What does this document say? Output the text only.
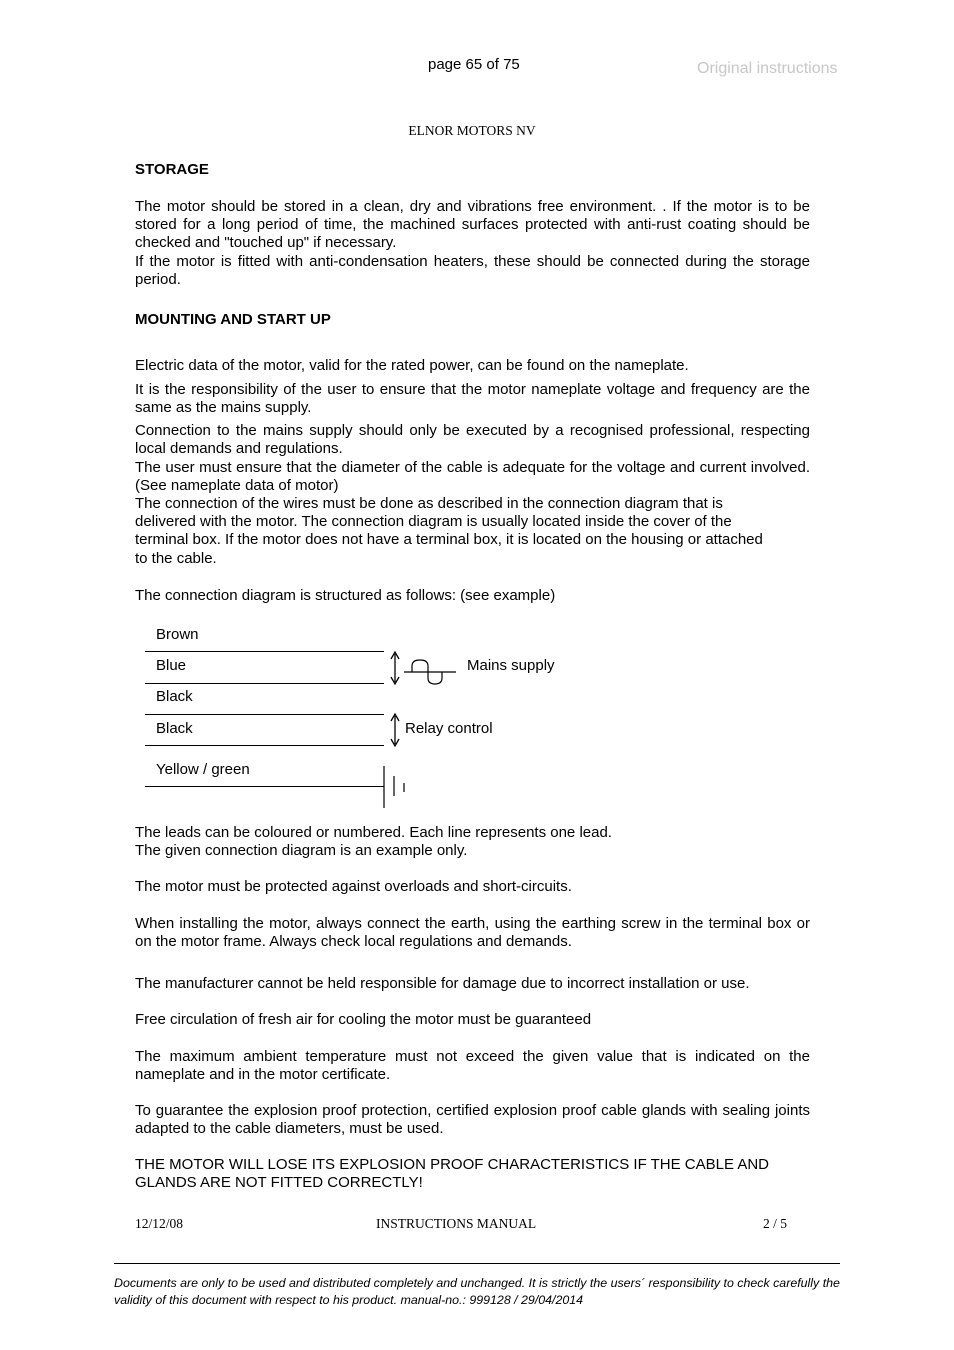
page 65 of 75	Original instructions
ELNOR MOTORS NV
STORAGE
The motor should be stored in a clean, dry and vibrations free environment. . If the motor is to be stored for a long period of time, the machined surfaces protected with anti-rust coating should be checked and "touched up" if necessary.
If the motor is fitted with anti-condensation heaters, these should be connected during the storage period.
MOUNTING AND START UP
Electric data of the motor, valid for the rated power, can be found on the nameplate.
It is the responsibility of the user to ensure that the motor nameplate voltage and frequency are the same as the mains supply.
Connection to the mains supply should only be executed by a recognised professional, respecting local demands and regulations.
The user must ensure that the diameter of the cable is adequate for the voltage and current involved. (See nameplate data of motor)
The connection of the wires must be done as described in the connection diagram that is
delivered with the motor. The connection diagram is usually located inside the cover of the
terminal box. If the motor does not have a terminal box, it is located on the housing or attached
to the cable.
The connection diagram is structured as follows: (see example)
Brown
Blue
Black
Black
Yellow / green
Mains supply
Relay control
The leads can be coloured or numbered. Each line represents one lead.
The given connection diagram is an example only.
The motor must be protected against overloads and short-circuits.
When installing the motor, always connect the earth, using the earthing screw in the terminal box or on the motor frame. Always check local regulations and demands.
The manufacturer cannot be held responsible for damage due to incorrect installation or use.
Free circulation of fresh air for cooling the motor must be guaranteed
The maximum ambient temperature must not exceed the given value that is indicated on the nameplate and in the motor certificate.
To guarantee the explosion proof protection, certified explosion proof cable glands with sealing joints adapted to the cable diameters, must be used.
THE MOTOR WILL LOSE ITS EXPLOSION PROOF CHARACTERISTICS IF THE CABLE AND GLANDS ARE NOT FITTED CORRECTLY!
12/12/08	INSTRUCTIONS MANUAL	2 / 5
Documents are only to be used and distributed completely and unchanged. It is strictly the users´ responsibility to check carefully the validity of this document with respect to his product. manual-no.: 999128 / 29/04/2014
